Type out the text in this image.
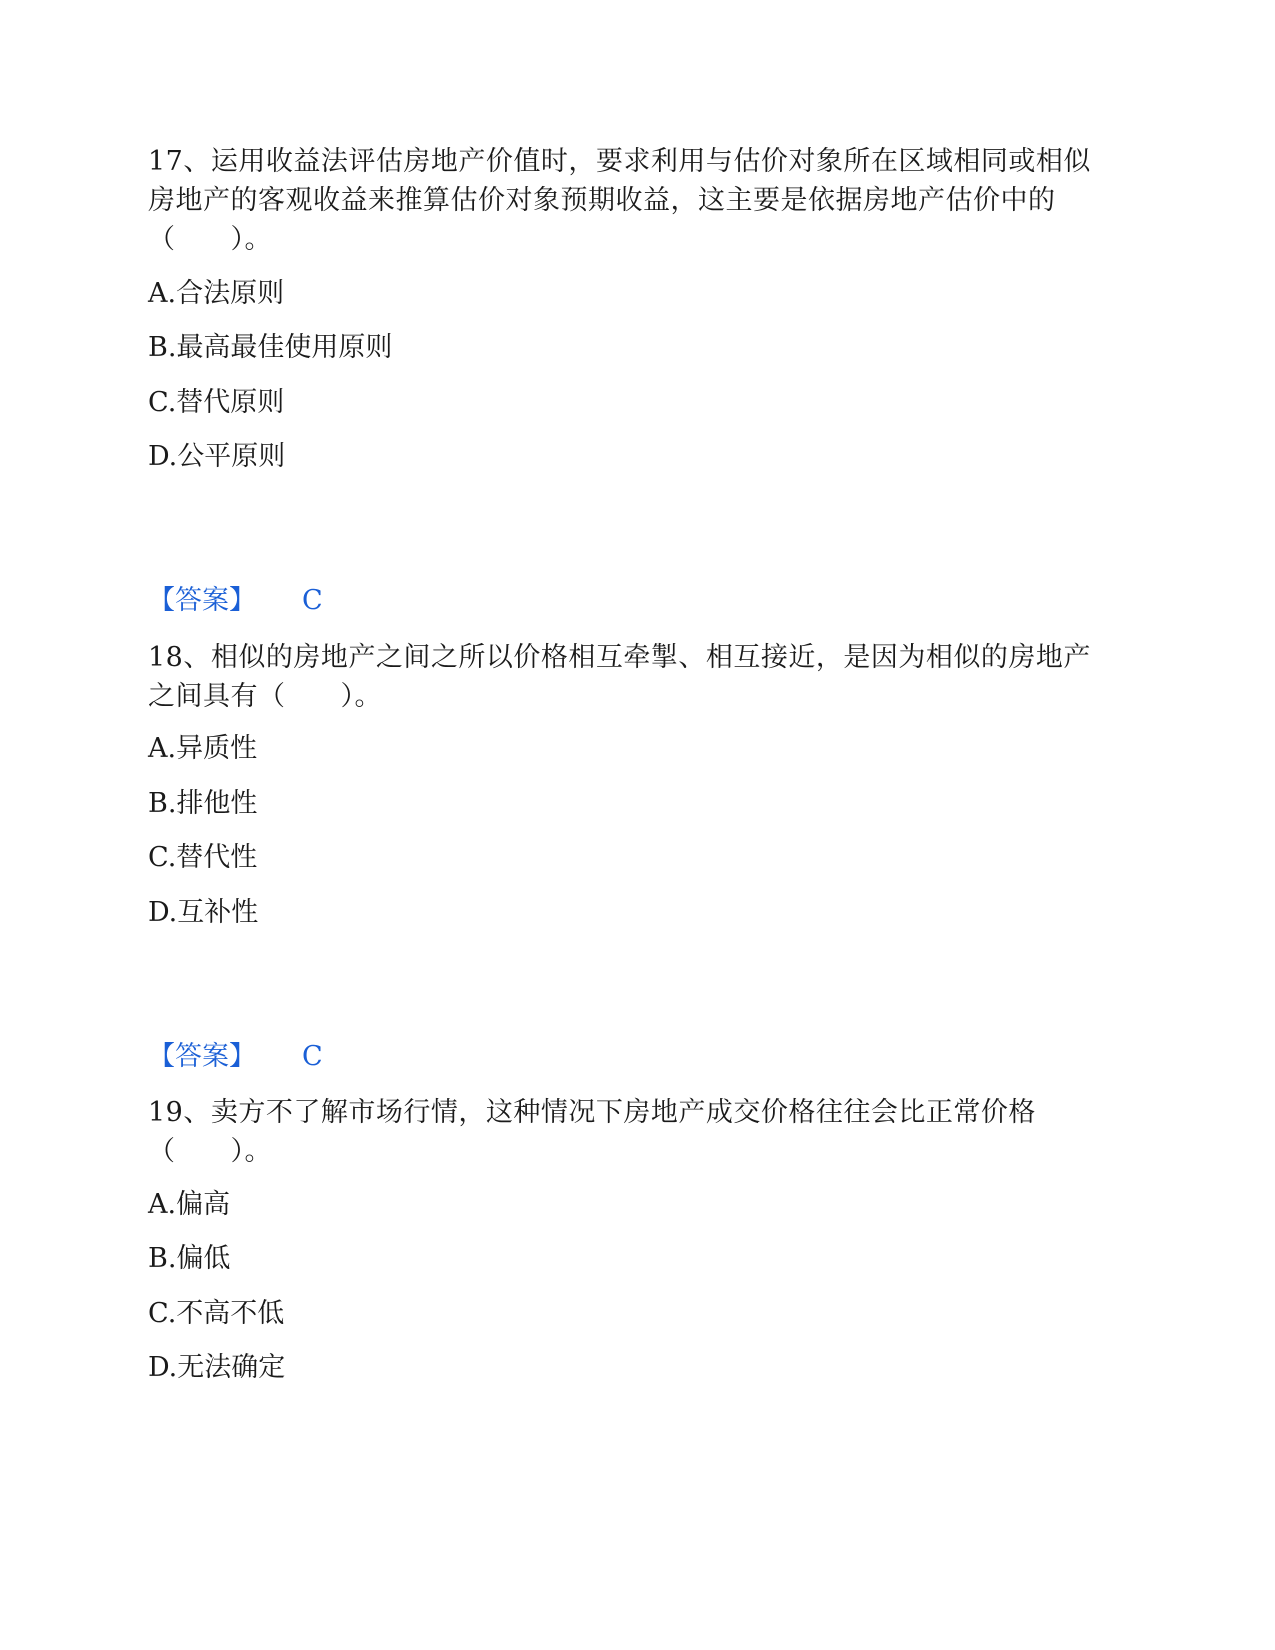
17、运用收益法评估房地产价值时，要求利用与估价对象所在区域相同或相似房地产的客观收益来推算估价对象预期收益，这主要是依据房地产估价中的（　　）。

A.合法原则

B.最高最佳使用原则

C.替代原则

D.公平原则

【答案】 C

18、相似的房地产之间之所以价格相互牵掣、相互接近，是因为相似的房地产之间具有（　　）。

A.异质性

B.排他性

C.替代性

D.互补性

【答案】 C

19、卖方不了解市场行情，这种情况下房地产成交价格往往会比正常价格（　　）。

A.偏高

B.偏低

C.不高不低

D.无法确定
